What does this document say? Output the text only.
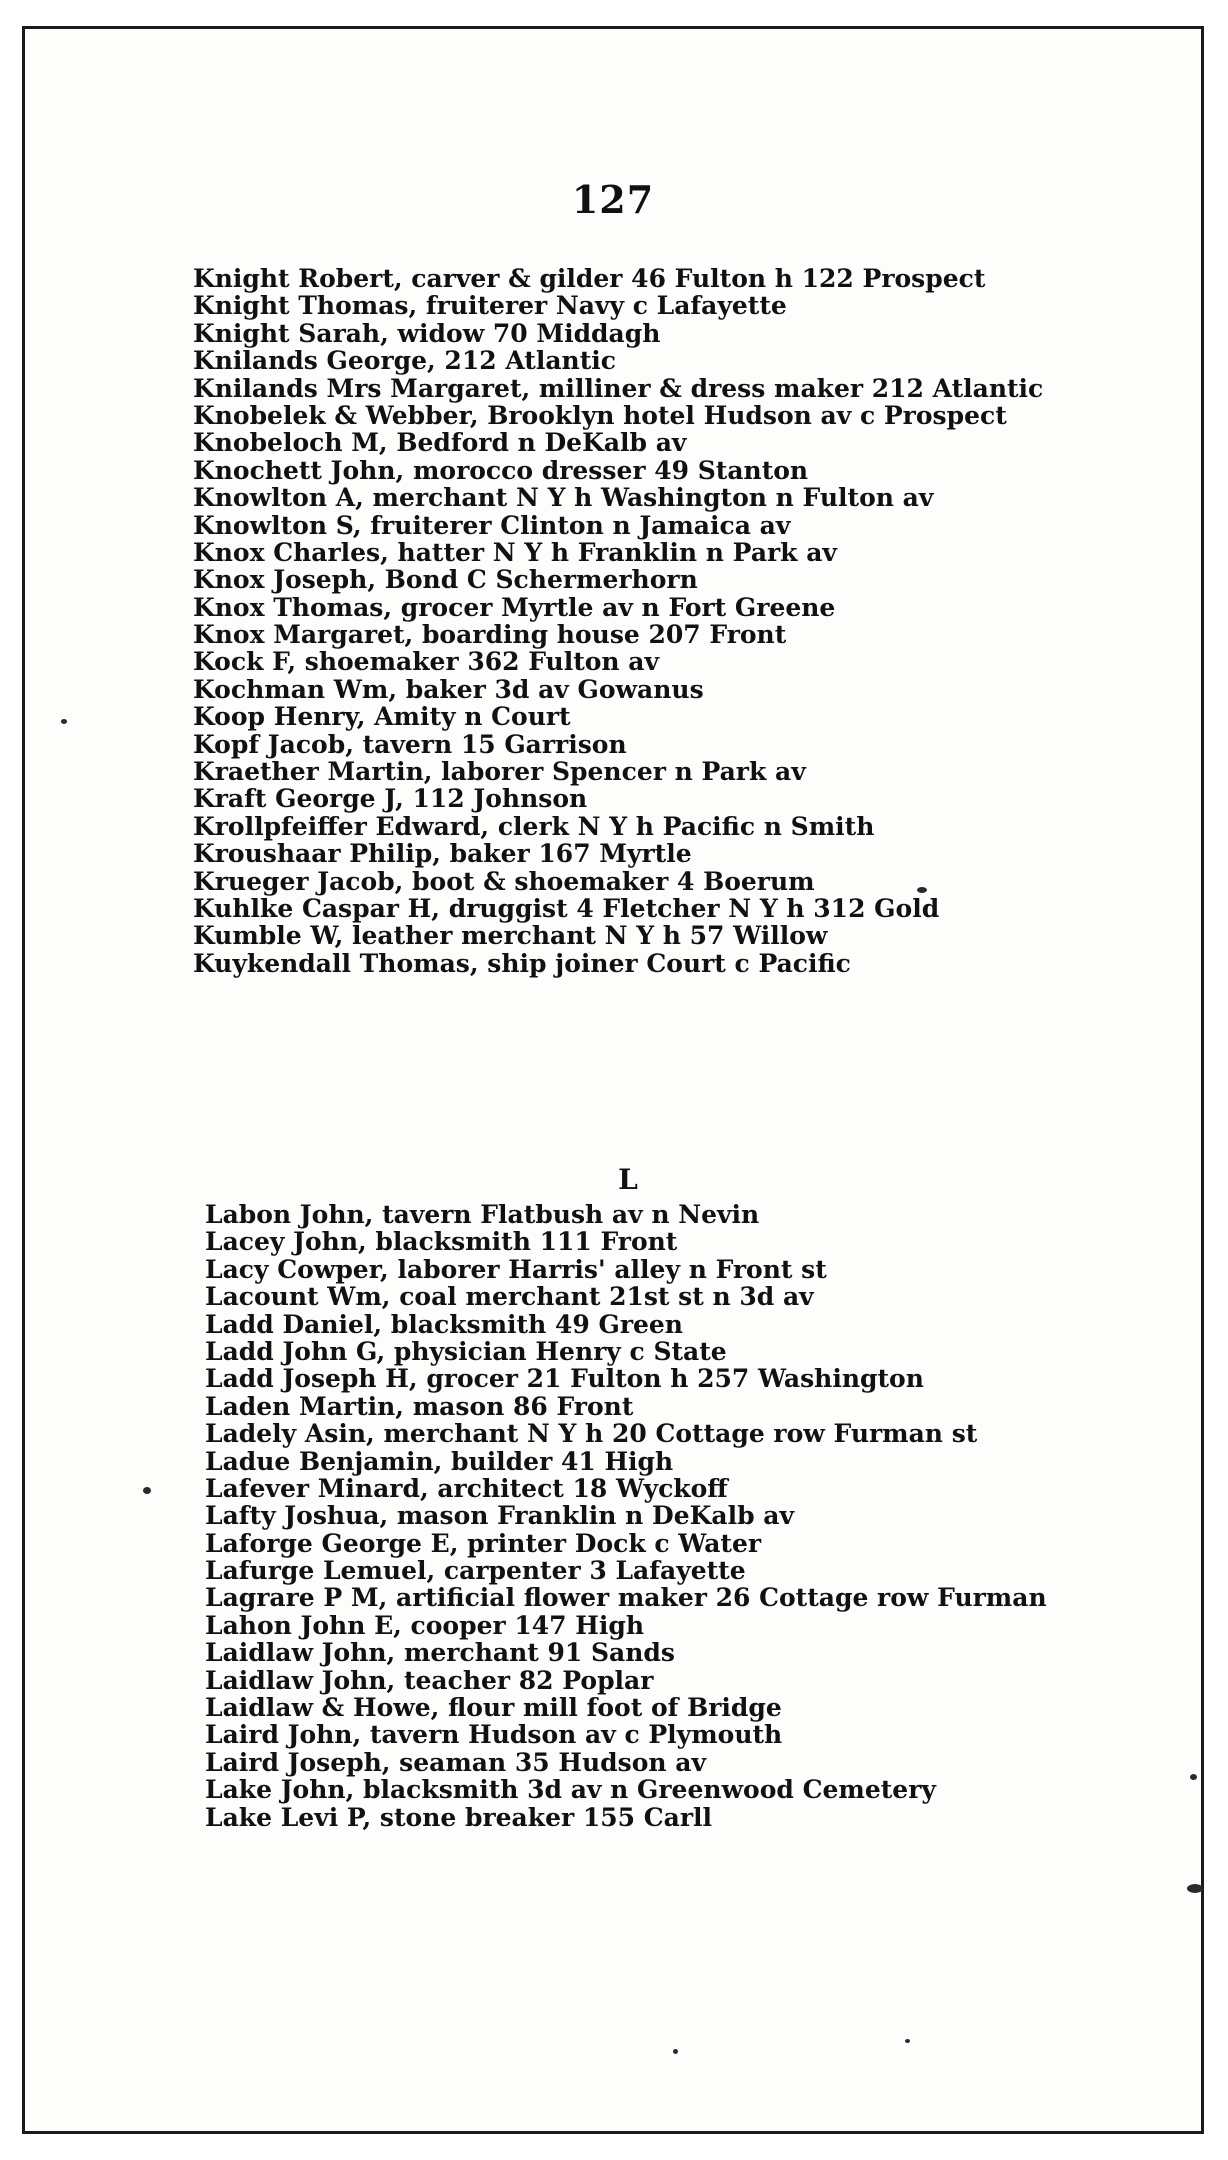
127
Knight Robert, carver & gilder 46 Fulton h 122 Prospect
Knight Thomas, fruiterer Navy c Lafayette
Knight Sarah, widow 70 Middagh
Knilands George, 212 Atlantic
Knilands Mrs Margaret, milliner & dress maker 212 Atlantic
Knobelek & Webber, Brooklyn hotel Hudson av c Prospect
Knobeloch M, Bedford n DeKalb av
Knochett John, morocco dresser 49 Stanton
Knowlton A, merchant N Y h Washington n Fulton av
Knowlton S, fruiterer Clinton n Jamaica av
Knox Charles, hatter N Y h Franklin n Park av
Knox Joseph, Bond C Schermerhorn
Knox Thomas, grocer Myrtle av n Fort Greene
Knox Margaret, boarding house 207 Front
Kock F, shoemaker 362 Fulton av
Kochman Wm, baker 3d av Gowanus
Koop Henry, Amity n Court
Kopf Jacob, tavern 15 Garrison
Kraether Martin, laborer Spencer n Park av
Kraft George J, 112 Johnson
Krollpfeiffer Edward, clerk N Y h Pacific n Smith
Kroushaar Philip, baker 167 Myrtle
Krueger Jacob, boot & shoemaker 4 Boerum
Kuhlke Caspar H, druggist 4 Fletcher N Y h 312 Gold
Kumble W, leather merchant N Y h 57 Willow
Kuykendall Thomas, ship joiner Court c Pacific
L
Labon John, tavern Flatbush av n Nevin
Lacey John, blacksmith 111 Front
Lacy Cowper, laborer Harris' alley n Front st
Lacount Wm, coal merchant 21st st n 3d av
Ladd Daniel, blacksmith 49 Green
Ladd John G, physician Henry c State
Ladd Joseph H, grocer 21 Fulton h 257 Washington
Laden Martin, mason 86 Front
Ladely Asin, merchant N Y h 20 Cottage row Furman st
Ladue Benjamin, builder 41 High
Lafever Minard, architect 18 Wyckoff
Lafty Joshua, mason Franklin n DeKalb av
Laforge George E, printer Dock c Water
Lafurge Lemuel, carpenter 3 Lafayette
Lagrare P M, artificial flower maker 26 Cottage row Furman
Lahon John E, cooper 147 High
Laidlaw John, merchant 91 Sands
Laidlaw John, teacher 82 Poplar
Laidlaw & Howe, flour mill foot of Bridge
Laird John, tavern Hudson av c Plymouth
Laird Joseph, seaman 35 Hudson av
Lake John, blacksmith 3d av n Greenwood Cemetery
Lake Levi P, stone breaker 155 Carll
